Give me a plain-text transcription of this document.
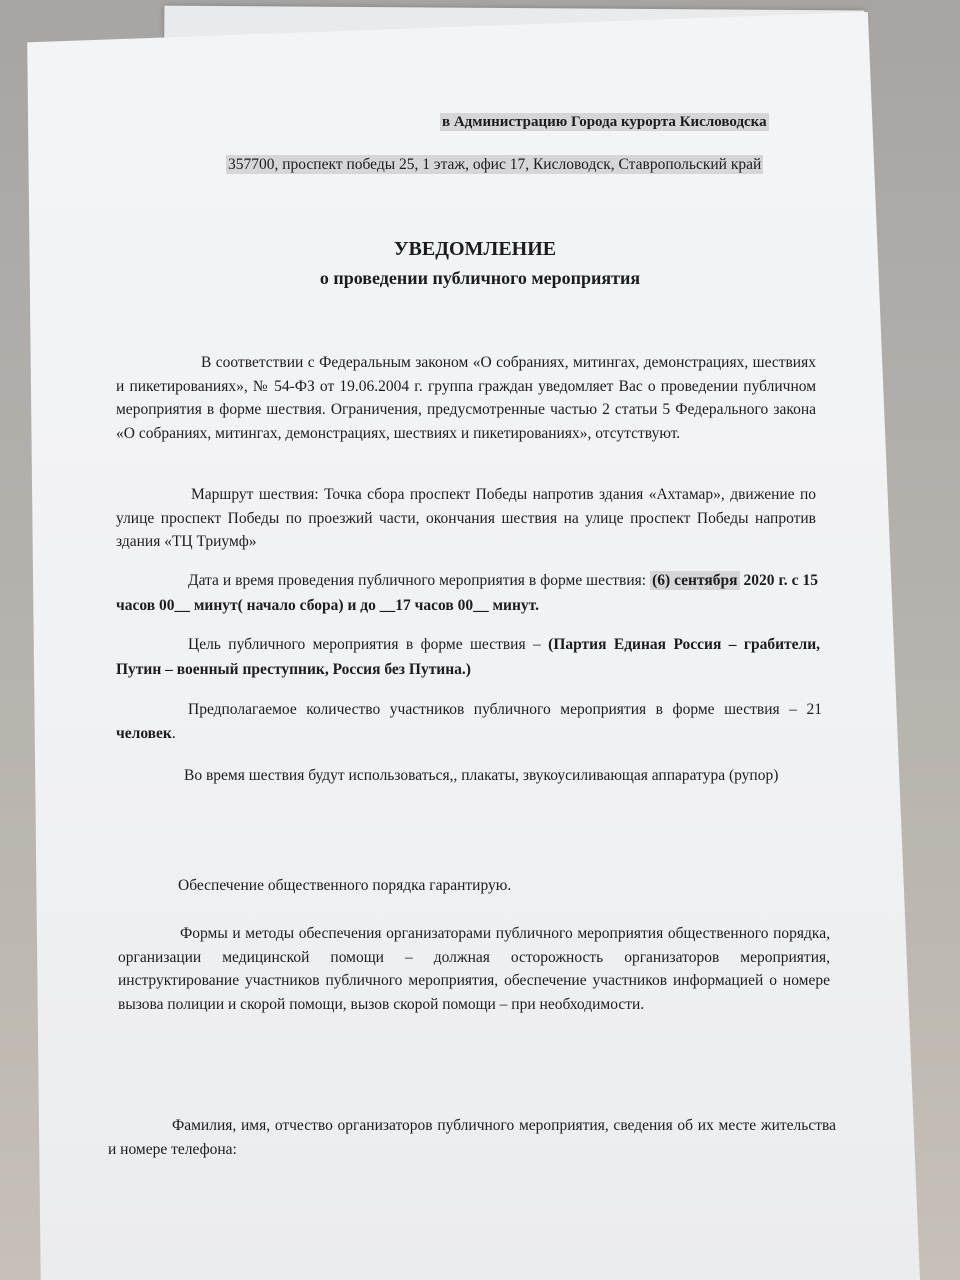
в Администрацию Города курорта Кисловодска
357700, проспект победы 25, 1 этаж, офис 17, Кисловодск, Ставропольский край
УВЕДОМЛЕНИЕ
о проведении публичного мероприятия
В соответствии с Федеральным законом «О собраниях, митингах, демонстрациях, шествиях и пикетированиях», № 54-ФЗ от 19.06.2004 г. группа граждан уведомляет Вас о проведении публичном мероприятия в форме шествия. Ограничения, предусмотренные частью 2 статьи 5 Федерального закона «О собраниях, митингах, демонстрациях, шествиях и пикетированиях», отсутствуют.
Маршрут шествия: Точка сбора проспект Победы напротив здания «Ахтамар», движение по улице проспект Победы по проезжий части, окончания шествия на улице проспект Победы напротив здания «ТЦ Триумф»
Дата и время проведения публичного мероприятия в форме шествия: (6) сентября 2020 г. с 15 часов 00__ минут( начало сбора) и до __17 часов 00__ минут.
Цель публичного мероприятия в форме шествия – (Партия Единая Россия – грабители, Путин – военный преступник, Россия без Путина.)
Предполагаемое количество участников публичного мероприятия в форме шествия – 21 человек.
Во время шествия будут использоваться,, плакаты, звукоусиливающая аппаратура (рупор)
Обеспечение общественного порядка гарантирую.
Формы и методы обеспечения организаторами публичного мероприятия общественного порядка, организации медицинской помощи – должная осторожность организаторов мероприятия, инструктирование участников публичного мероприятия, обеспечение участников информацией о номере вызова полиции и скорой помощи, вызов скорой помощи – при необходимости.
Фамилия, имя, отчество организаторов публичного мероприятия, сведения об их месте жительства и номере телефона:
